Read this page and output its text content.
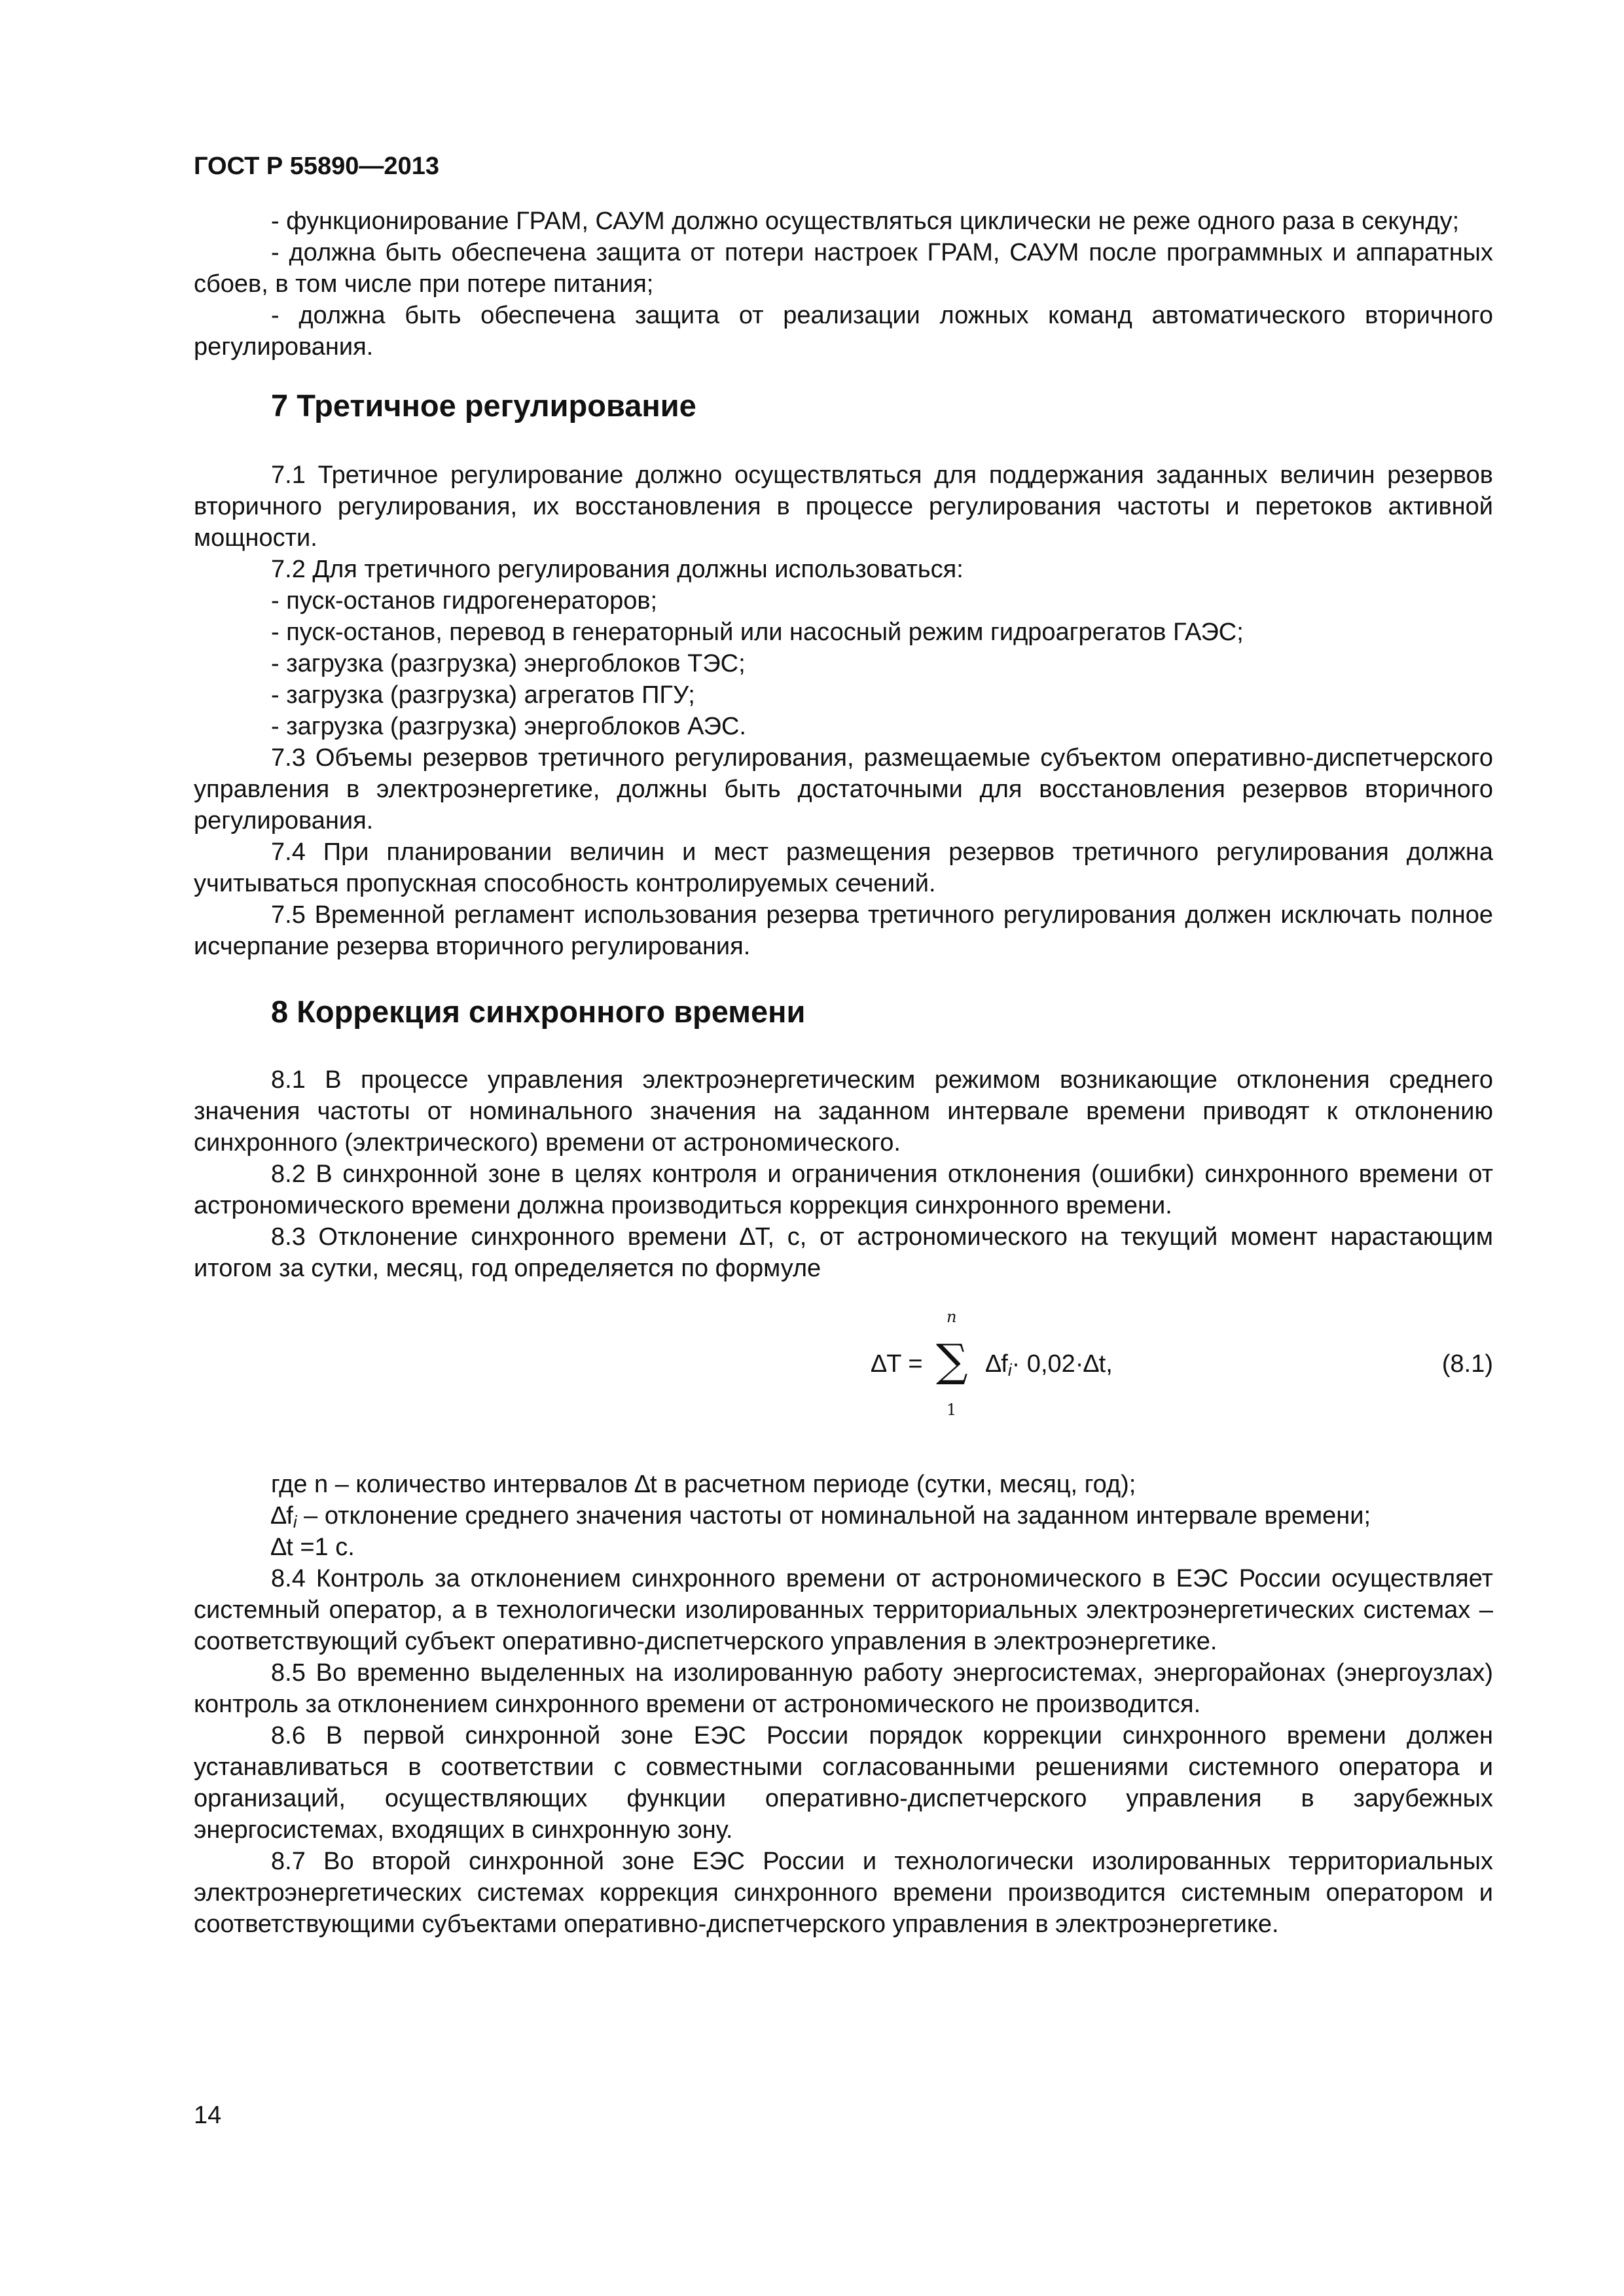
ГОСТ Р 55890—2013

- функционирование ГРАМ, САУМ должно осуществляться циклически не реже одного раза в секунду;

- должна быть обеспечена защита от потери настроек ГРАМ, САУМ после программных и аппаратных сбоев, в том числе при потере питания;

- должна быть обеспечена защита от реализации ложных команд автоматического вторичного регулирования.

7 Третичное регулирование

7.1 Третичное регулирование должно осуществляться для поддержания заданных величин резервов вторичного регулирования, их восстановления в процессе регулирования частоты и перетоков активной мощности.

7.2 Для третичного регулирования должны использоваться:

- пуск-останов гидрогенераторов;

- пуск-останов, перевод в генераторный или насосный режим гидроагрегатов ГАЭС;

- загрузка (разгрузка) энергоблоков ТЭС;

- загрузка (разгрузка) агрегатов ПГУ;

- загрузка (разгрузка) энергоблоков АЭС.

7.3 Объемы резервов третичного регулирования, размещаемые субъектом оперативно-диспетчерского управления в электроэнергетике, должны быть достаточными для восстановления резервов вторичного регулирования.

7.4 При планировании величин и мест размещения резервов третичного регулирования должна учитываться пропускная способность контролируемых сечений.

7.5 Временной регламент использования резерва третичного регулирования должен исключать полное исчерпание резерва вторичного регулирования.

8 Коррекция синхронного времени

8.1 В процессе управления электроэнергетическим режимом возникающие отклонения среднего значения частоты от номинального значения на заданном интервале времени приводят к отклонению синхронного (электрического) времени от астрономического.

8.2 В синхронной зоне в целях контроля и ограничения отклонения (ошибки) синхронного времени от астрономического времени должна производиться коррекция синхронного времени.

8.3 Отклонение синхронного времени ∆Т, с, от астрономического на текущий момент нарастающим итогом за сутки, месяц, год определяется по формуле

∆T =
n
∑
1
$\Delta f_i\cdot 0,02\cdot\Delta t$,	(8.1)

где n – количество интервалов ∆t в расчетном периоде (сутки, месяц, год);

$\Delta f_i$ – отклонение среднего значения частоты от номинальной на заданном интервале времени;

∆t =1 с.

8.4 Контроль за отклонением синхронного времени от астрономического в ЕЭС России осуществляет системный оператор, а в технологически изолированных территориальных электроэнергетических системах – соответствующий субъект оперативно-диспетчерского управления в электроэнергетике.

8.5 Во временно выделенных на изолированную работу энергосистемах, энергорайонах (энергоузлах) контроль за отклонением синхронного времени от астрономического не производится.

8.6 В первой синхронной зоне ЕЭС России порядок коррекции синхронного времени должен устанавливаться в соответствии с совместными согласованными решениями системного оператора и организаций, осуществляющих функции оперативно-диспетчерского управления в зарубежных энергосистемах, входящих в синхронную зону.

8.7 Во второй синхронной зоне ЕЭС России и технологически изолированных территориальных электроэнергетических системах коррекция синхронного времени производится системным оператором и соответствующими субъектами оперативно-диспетчерского управления в электроэнергетике.

14
